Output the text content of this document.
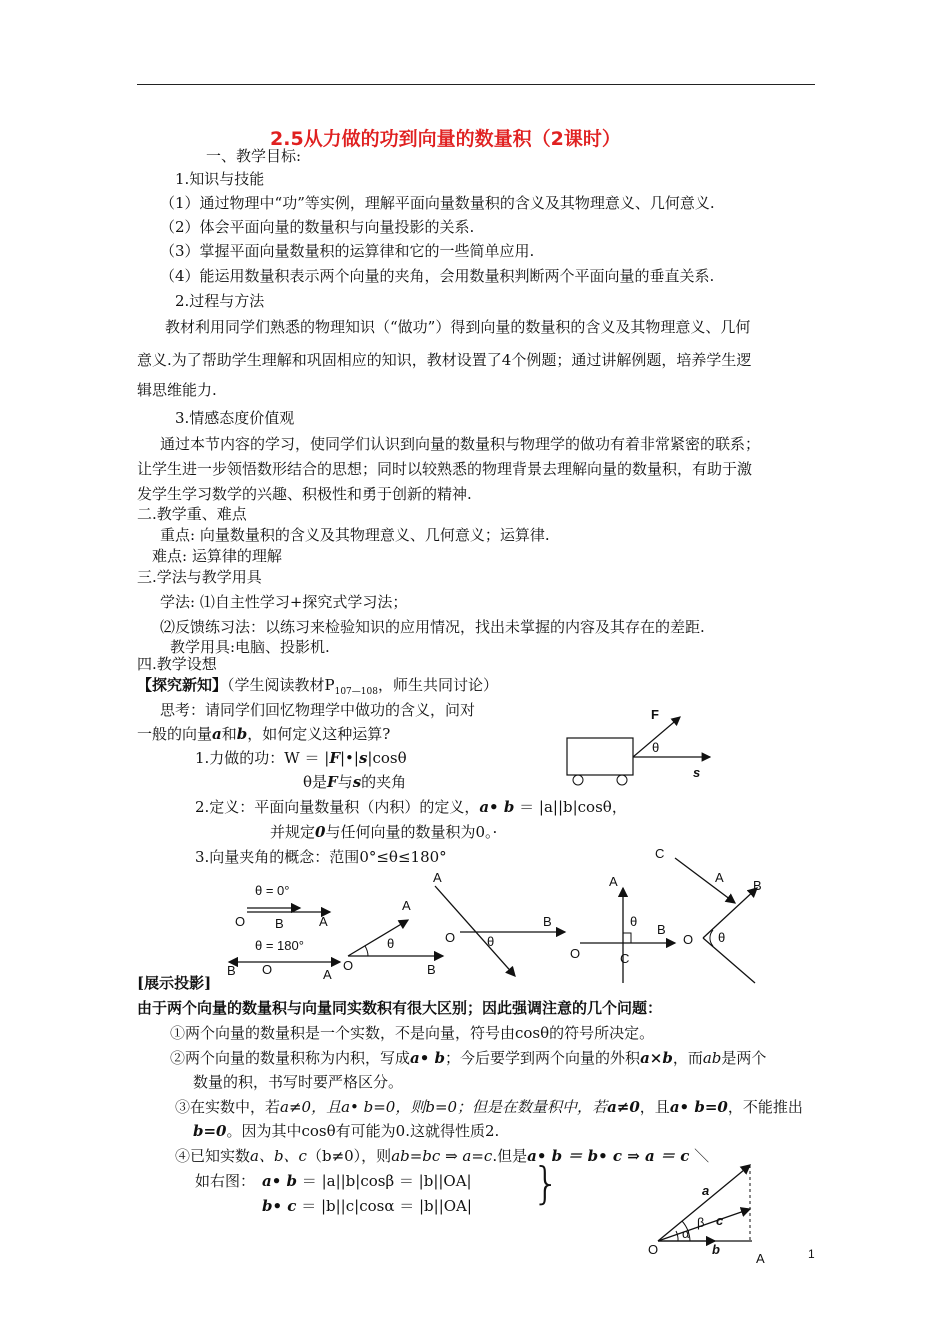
2.5从力做的功到向量的数量积（2课时）
一、教学目标:
1.知识与技能
（1）通过物理中“功”等实例，理解平面向量数量积的含义及其物理意义、几何意义.
（2）体会平面向量的数量积与向量投影的关系.
（3）掌握平面向量数量积的运算律和它的一些简单应用.
（4）能运用数量积表示两个向量的夹角，会用数量积判断两个平面向量的垂直关系.
2.过程与方法
教材利用同学们熟悉的物理知识（“做功”）得到向量的数量积的含义及其物理意义、几何
意义.为了帮助学生理解和巩固相应的知识，教材设置了4个例题；通过讲解例题，培养学生逻
辑思维能力.
3.情感态度价值观
通过本节内容的学习，使同学们认识到向量的数量积与物理学的做功有着非常紧密的联系；
让学生进一步领悟数形结合的思想；同时以较熟悉的物理背景去理解向量的数量积，有助于激
发学生学习数学的兴趣、积极性和勇于创新的精神.
二.教学重、难点
重点: 向量数量积的含义及其物理意义、几何意义；运算律.
难点: 运算律的理解
三.学法与教学用具
学法: ⑴自主性学习+探究式学习法；
⑵反馈练习法：以练习来检验知识的应用情况，找出未掌握的内容及其存在的差距.
教学用具:电脑、投影机.
四.教学设想
【探究新知】（学生阅读教材$P_{107—108}$，师生共同讨论）
思考：请同学们回忆物理学中做功的含义，问对
一般的向量a和b，如何定义这种运算?
1.力做的功：W ＝ |F|•|s|cosθ
θ是F与s的夹角
2.定义：平面向量数量积（内积）的定义，a• b ＝ |a||b|cosθ，
并规定0与任何向量的数量积为0。·
3.向量夹角的概念：范围0°≤θ≤180°
F
θ
s
θ = 0°
O B	A
θ = 180°
B O	A
A
θ
O	B
A
O θ
B
A
θ
B
O	C
C
A
B
O θ
[展示投影]
由于两个向量的数量积与向量同实数积有很大区别；因此强调注意的几个问题：
①两个向量的数量积是一个实数，不是向量，符号由cosθ的符号所决定。
②两个向量的数量积称为内积，写成a• b；今后要学到两个向量的外积a×b，而ab是两个
数量的积，书写时要严格区分。
③在实数中，若a≠0，且a• b=0，则b=0；但是在数量积中，若a≠0，且a• b=0，不能推出
b=0。因为其中cosθ有可能为0.这就得性质2.
④已知实数a、b、c（b≠0），则ab=bc ⇒ a=c.但是a• b ＝ b• c ⇒ a ＝ c ＼
如右图： a• b ＝ |a||b|cosβ ＝ |b||OA|
b• c ＝ |b||c|cosα ＝ |b||OA| }	a
c
β
α
O	b
A	1
